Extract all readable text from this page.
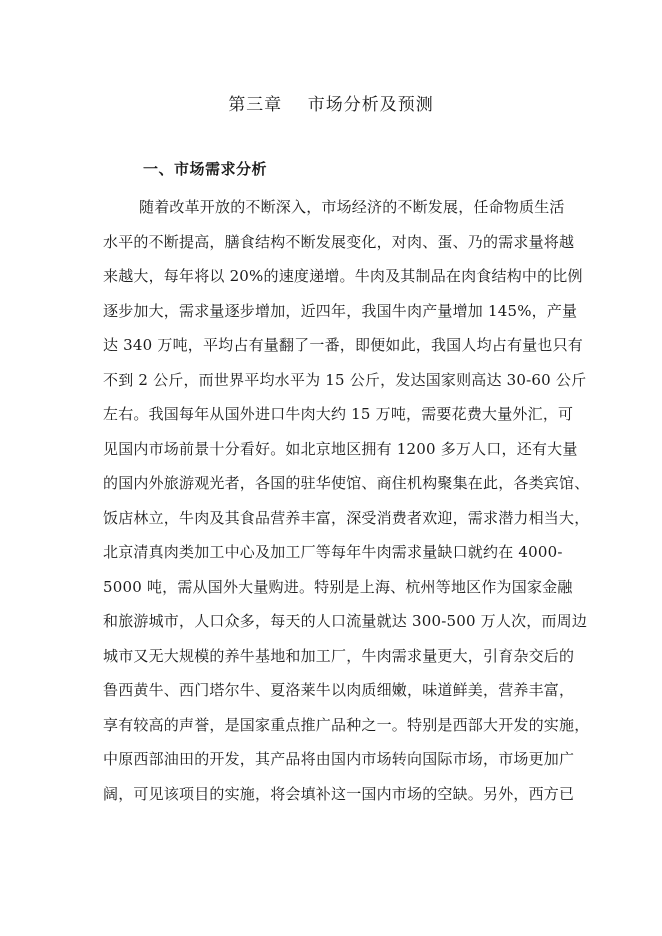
第三章    市场分析及预测
一、市场需求分析
随着改革开放的不断深入，市场经济的不断发展，任命物质生活
水平的不断提高，膳食结构不断发展变化，对肉、蛋、乃的需求量将越
来越大，每年将以 20%的速度递增。牛肉及其制品在肉食结构中的比例
逐步加大，需求量逐步增加，近四年，我国牛肉产量增加 145%，产量
达 340 万吨，平均占有量翻了一番，即便如此，我国人均占有量也只有
不到 2 公斤，而世界平均水平为 15 公斤，发达国家则高达 30-60 公斤
左右。我国每年从国外进口牛肉大约 15 万吨，需要花费大量外汇，可
见国内市场前景十分看好。如北京地区拥有 1200 多万人口，还有大量
的国内外旅游观光者，各国的驻华使馆、商住机构聚集在此，各类宾馆、
饭店林立，牛肉及其食品营养丰富，深受消费者欢迎，需求潜力相当大，
北京清真肉类加工中心及加工厂等每年牛肉需求量缺口就约在 4000-
5000 吨，需从国外大量购进。特别是上海、杭州等地区作为国家金融
和旅游城市，人口众多，每天的人口流量就达 300-500 万人次，而周边
城市又无大规模的养牛基地和加工厂，牛肉需求量更大，引育杂交后的
鲁西黄牛、西门塔尔牛、夏洛莱牛以肉质细嫩，味道鲜美，营养丰富，
享有较高的声誉，是国家重点推广品种之一。特别是西部大开发的实施，
中原西部油田的开发，其产品将由国内市场转向国际市场，市场更加广
阔，可见该项目的实施，将会填补这一国内市场的空缺。另外，西方已
